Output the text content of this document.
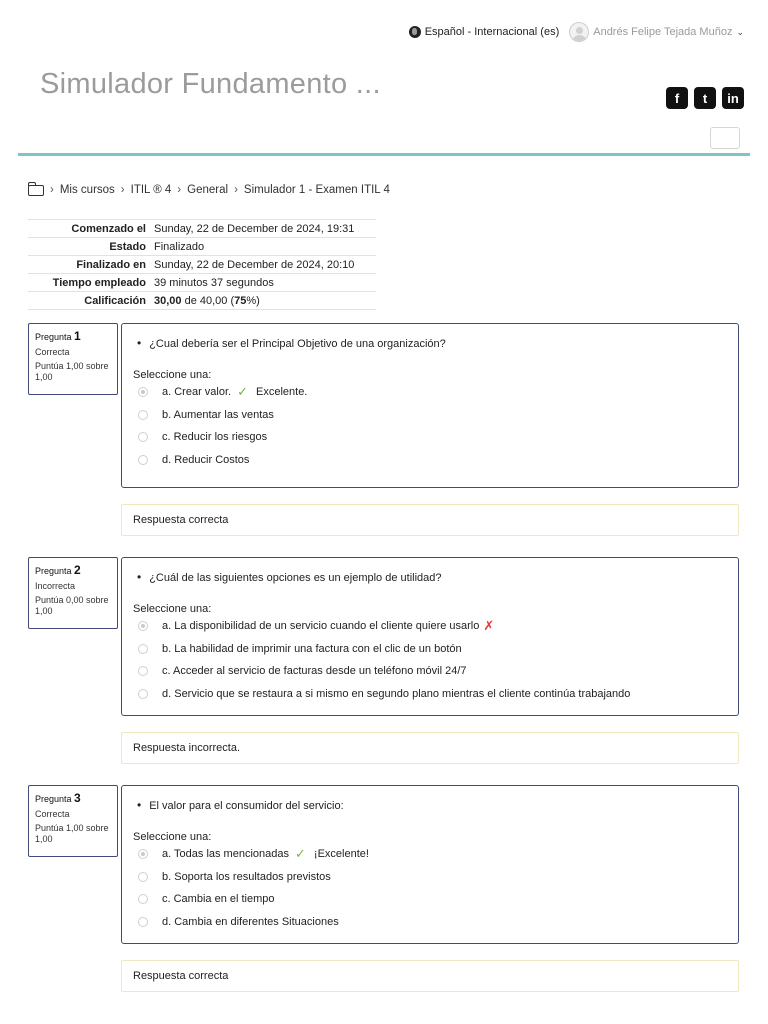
Español - Internacional (es)	Andrés Felipe Tejada Muñoz ⌄
Simulador Fundamento ...	f	t	in
› Mis cursos › ITIL ® 4 › General › Simulador 1 - Examen ITIL 4
Comenzado el	Sunday, 22 de December de 2024, 19:31
Estado	Finalizado
Finalizado en	Sunday, 22 de December de 2024, 20:10
Tiempo empleado	39 minutos 37 segundos
Calificación	30,00 de 40,00 (75%)
Pregunta 1
Correcta
Puntúa 1,00 sobre 1,00
• ¿Cual debería ser el Principal Objetivo de una organización?
Seleccione una:
a. Crear valor. ✓ Excelente.
b. Aumentar las ventas
c. Reducir los riesgos
d. Reducir Costos
Respuesta correcta
Pregunta 2
Incorrecta
Puntúa 0,00 sobre 1,00
• ¿Cuál de las siguientes opciones es un ejemplo de utilidad?
Seleccione una:
a. La disponibilidad de un servicio cuando el cliente quiere usarlo ✗
b. La habilidad de imprimir una factura con el clic de un botón
c. Acceder al servicio de facturas desde un teléfono móvil 24/7
d. Servicio que se restaura a si mismo en segundo plano mientras el cliente continúa trabajando
Respuesta incorrecta.
Pregunta 3
Correcta
Puntúa 1,00 sobre 1,00
• El valor para el consumidor del servicio:
Seleccione una:
a. Todas las mencionadas ✓ ¡Excelente!
b. Soporta los resultados previstos
c. Cambia en el tiempo
d. Cambia en diferentes Situaciones
Respuesta correcta
